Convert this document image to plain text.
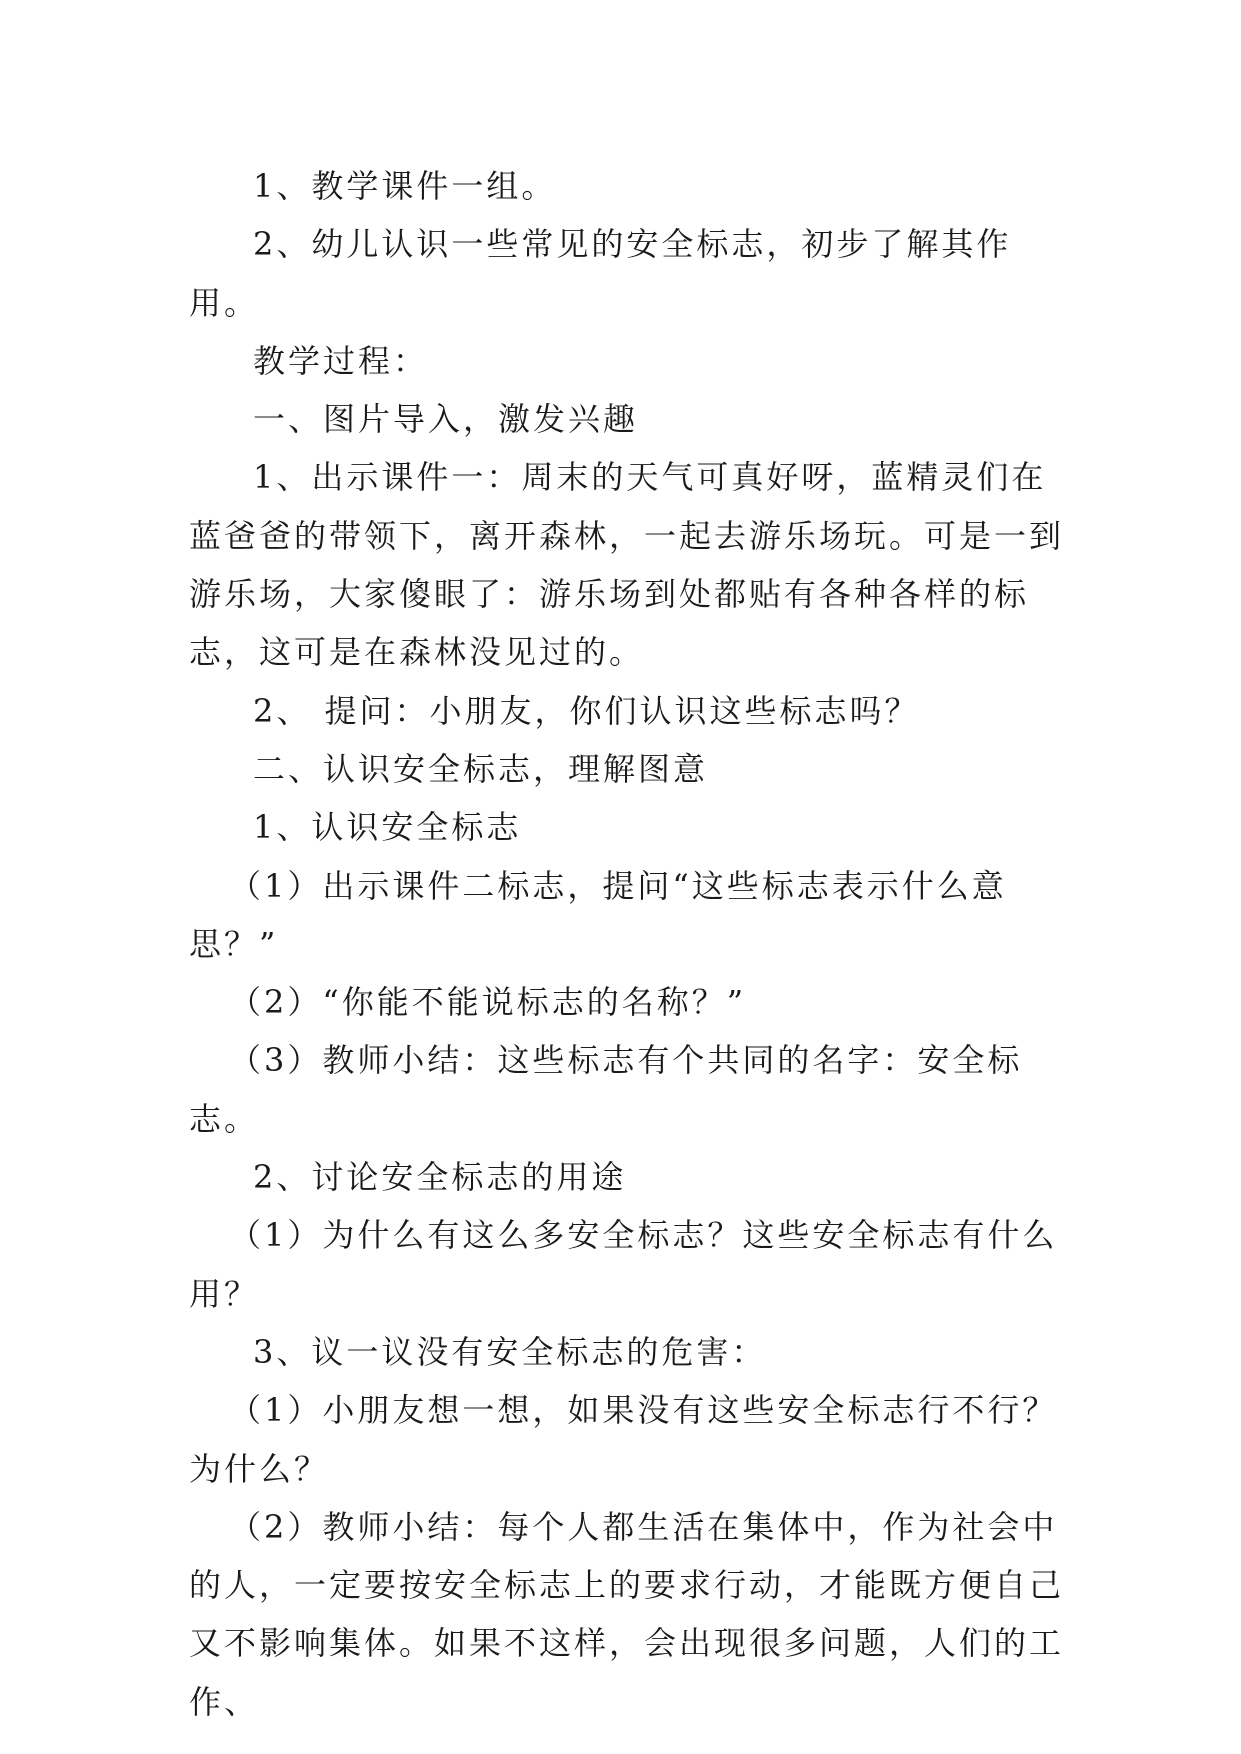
1、教学课件一组。

2、幼儿认识一些常见的安全标志，初步了解其作用。

教学过程：

一、图片导入，激发兴趣

1、出示课件一：周末的天气可真好呀，蓝精灵们在蓝爸爸的带领下，离开森林，一起去游乐场玩。可是一到游乐场，大家傻眼了：游乐场到处都贴有各种各样的标志，这可是在森林没见过的。

2、 提问：小朋友，你们认识这些标志吗？

二、认识安全标志，理解图意

1、认识安全标志

（1）出示课件二标志，提问“这些标志表示什么意思？”

（2）“你能不能说标志的名称？”

（3）教师小结：这些标志有个共同的名字：安全标志。

2、讨论安全标志的用途

（1）为什么有这么多安全标志？这些安全标志有什么用？

3、议一议没有安全标志的危害：

（1）小朋友想一想，如果没有这些安全标志行不行？为什么？

（2）教师小结：每个人都生活在集体中，作为社会中的人，一定要按安全标志上的要求行动，才能既方便自己又不影响集体。如果不这样，会出现很多问题，人们的工作、
